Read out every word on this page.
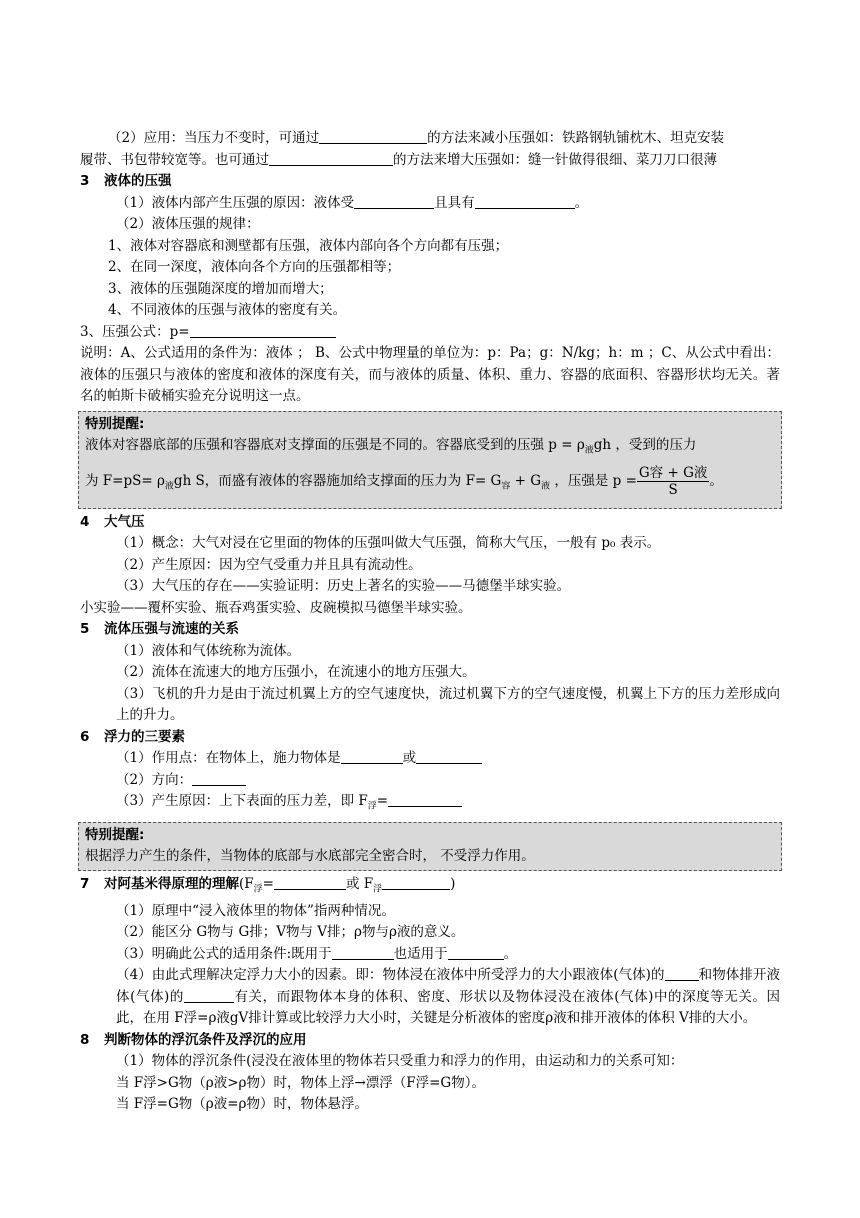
（2）应用：当压力不变时，可通过	的方法来减小压强如：铁路钢轨铺枕木、坦克安装
履带、书包带较宽等。也可通过	的方法来增大压强如：缝一针做得很细、菜刀刀口很薄
3 液体的压强
（1）液体内部产生压强的原因：液体受	且具有	。
（2）液体压强的规律：
1、液体对容器底和测壁都有压强，液体内部向各个方向都有压强；
2、在同一深度，液体向各个方向的压强都相等；
3、液体的压强随深度的增加而增大；
4、不同液体的压强与液体的密度有关。
3、压强公式：p=
说明：A、公式适用的条件为：液体 ； B、公式中物理量的单位为：p：Pa；g：N/kg；h：m ；C、从公式中看出：液体的压强只与液体的密度和液体的深度有关，而与液体的质量、体积、重力、容器的底面积、容器形状均无关。著名的帕斯卡破桶实验充分说明这一点。
特别提醒:
液体对容器底部的压强和容器底对支撑面的压强是不同的。容器底受到的压强 $p = \rho_液gh$ ，受到的压力
为 $F=pS= \rho_液gh$ S，而盛有液体的容器施加给支撑面的压力为 $F= G_容 + G_液$ ，压强是 $p = \frac{\text{G容 + G液}}{S}$ 。
4 大气压
（1）概念：大气对浸在它里面的物体的压强叫做大气压强，简称大气压，一般有 p₀ 表示。
（2）产生原因：因为空气受重力并且具有流动性。
（3）大气压的存在——实验证明：历史上著名的实验——马德堡半球实验。
小实验——覆杯实验、瓶吞鸡蛋实验、皮碗模拟马德堡半球实验。
5 流体压强与流速的关系
（1）液体和气体统称为流体。
（2）流体在流速大的地方压强小，在流速小的地方压强大。
（3）飞机的升力是由于流过机翼上方的空气速度快，流过机翼下方的空气速度慢，机翼上下方的压力差形成向上的升力。
6 浮力的三要素
（1）作用点：在物体上，施力物体是	或
（2）方向：
（3）产生原因：上下表面的压力差，即 $F_浮=$
特别提醒:
根据浮力产生的条件，当物体的底部与水底部完全密合时， 不受浮力作用。
7 对阿基米得原理的理解($F_浮=$	或 $F_浮$	)
（1）原理中“浸入液体里的物体”指两种情况。
（2）能区分 G物与 G排；V物与 V排；ρ物与ρ液的意义。
（3）明确此公式的适用条件:既用于	也适用于	。
（4）由此式理解决定浮力大小的因素。即：物体浸在液体中所受浮力的大小跟液体(气体)的	和物体排开液体(气体)的	有关，而跟物体本身的体积、密度、形状以及物体浸没在液体(气体)中的深度等无关。因此，在用 F浮=ρ液gV排计算或比较浮力大小时，关键是分析液体的密度ρ液和排开液体的体积 V排的大小。
8 判断物体的浮沉条件及浮沉的应用
（1）物体的浮沉条件(浸没在液体里的物体若只受重力和浮力的作用，由运动和力的关系可知：
当 F浮>G物（ρ液>ρ物）时，物体上浮→漂浮（F浮=G物）。
当 F浮=G物（ρ液=ρ物）时，物体悬浮。
